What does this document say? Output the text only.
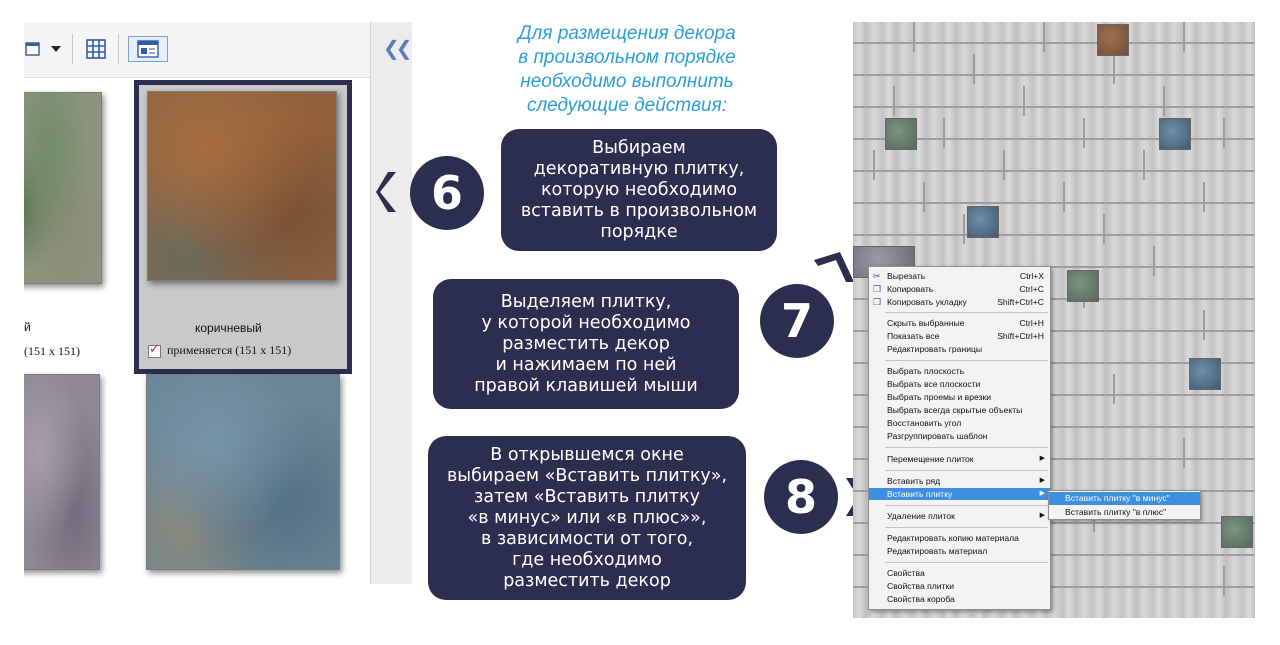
❮❮
й
(151 x 151)
коричневый
✓
применяется (151 x 151)
Для размещения декора
в произвольном порядке
необходимо выполнить
следующие действия:
6
Выбираем
декоративную плитку,
которую необходимо
вставить в произвольном
порядке
Выделяем плитку,
у которой необходимо
разместить декор
и нажимаем по ней
правой клавишей мыши
7
В открывшемся окне
выбираем «Вставить плитку»,
затем «Вставить плитку
«в минус» или «в плюс»»,
в зависимости от того,
где необходимо
разместить декор
8
✂ Вырезать	Ctrl+X
❐ Копировать	Ctrl+C
❐ Копировать укладку	Shift+Ctrl+C
Скрыть выбранные	Ctrl+H
Показать все	Shift+Ctrl+H
Редактировать границы
Выбрать плоскость
Выбрать все плоскости
Выбрать проемы и врезки
Выбрать всегда скрытые объекты
Восстановить угол
Разгруппировать шаблон
Перемещение плиток	▶
Вставить ряд	▶
Вставить плитку	▶
Удаление плиток	▶
Редактировать копию материала
Редактировать материал
Свойства
Свойства плитки
Свойства короба
Вставить плитку "в минус"
Вставить плитку "в плюс"
